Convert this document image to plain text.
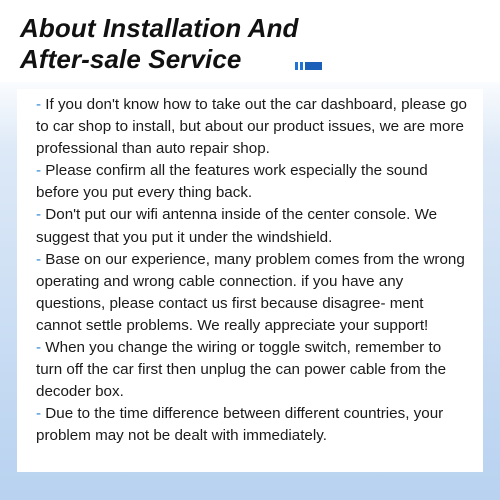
About Installation And
After-sale Service

- If you don't know how to take out the car dashboard, please go to car shop to install, but about our product issues, we are more professional than auto repair shop.

- Please confirm all the features work especially the sound before you put every thing back.

- Don't put our wifi antenna inside of the center console. We suggest that you put it under the windshield.

- Base on our experience, many problem comes from the wrong operating and wrong cable connection. if you have any questions, please contact us first because disagree- ment cannot settle problems. We really appreciate your support!

- When you change the wiring or toggle switch, remember to turn off the car first then unplug the can power cable from the decoder box.

- Due to the time difference between different countries, your problem may not be dealt with immediately.
